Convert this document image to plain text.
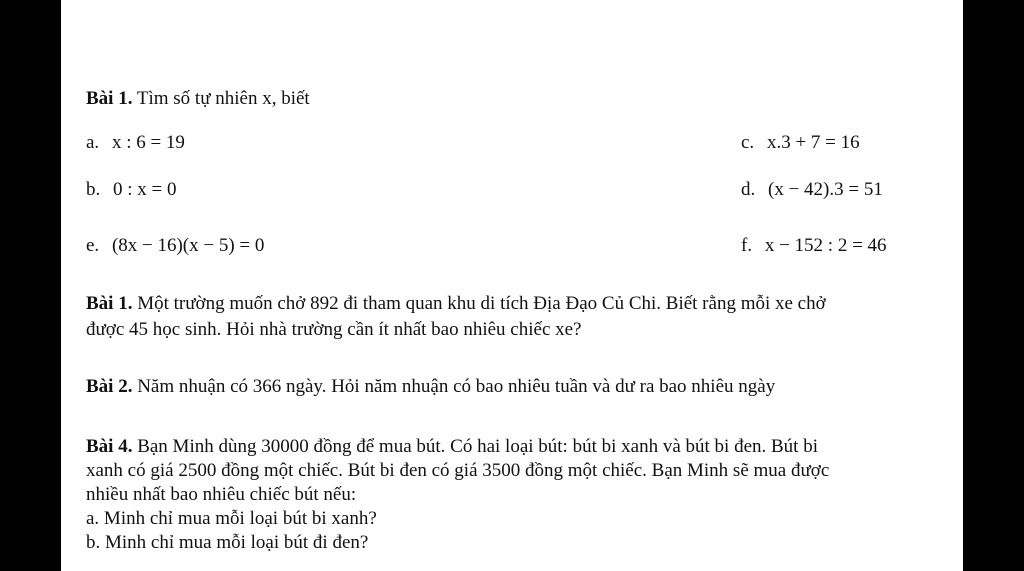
Bài 1. Tìm số tự nhiên x, biết
a. x : 6 = 19	c. x.3 + 7 = 16
b. 0 : x = 0	d. (x − 42).3 = 51
e. (8x − 16)(x − 5) = 0	f. x − 152 : 2 = 46
Bài 1. Một trường muốn chở 892 đi tham quan khu di tích Địa Đạo Củ Chi. Biết rằng mỗi xe chở
được 45 học sinh. Hỏi nhà trường cần ít nhất bao nhiêu chiếc xe?
Bài 2. Năm nhuận có 366 ngày. Hỏi năm nhuận có bao nhiêu tuần và dư ra bao nhiêu ngày
Bài 4. Bạn Minh dùng 30000 đồng để mua bút. Có hai loại bút: bút bi xanh và bút bi đen. Bút bi
xanh có giá 2500 đồng một chiếc. Bút bi đen có giá 3500 đồng một chiếc. Bạn Minh sẽ mua được
nhiều nhất bao nhiêu chiếc bút nếu:
a. Minh chỉ mua mỗi loại bút bi xanh?
b. Minh chỉ mua mỗi loại bút đi đen?
